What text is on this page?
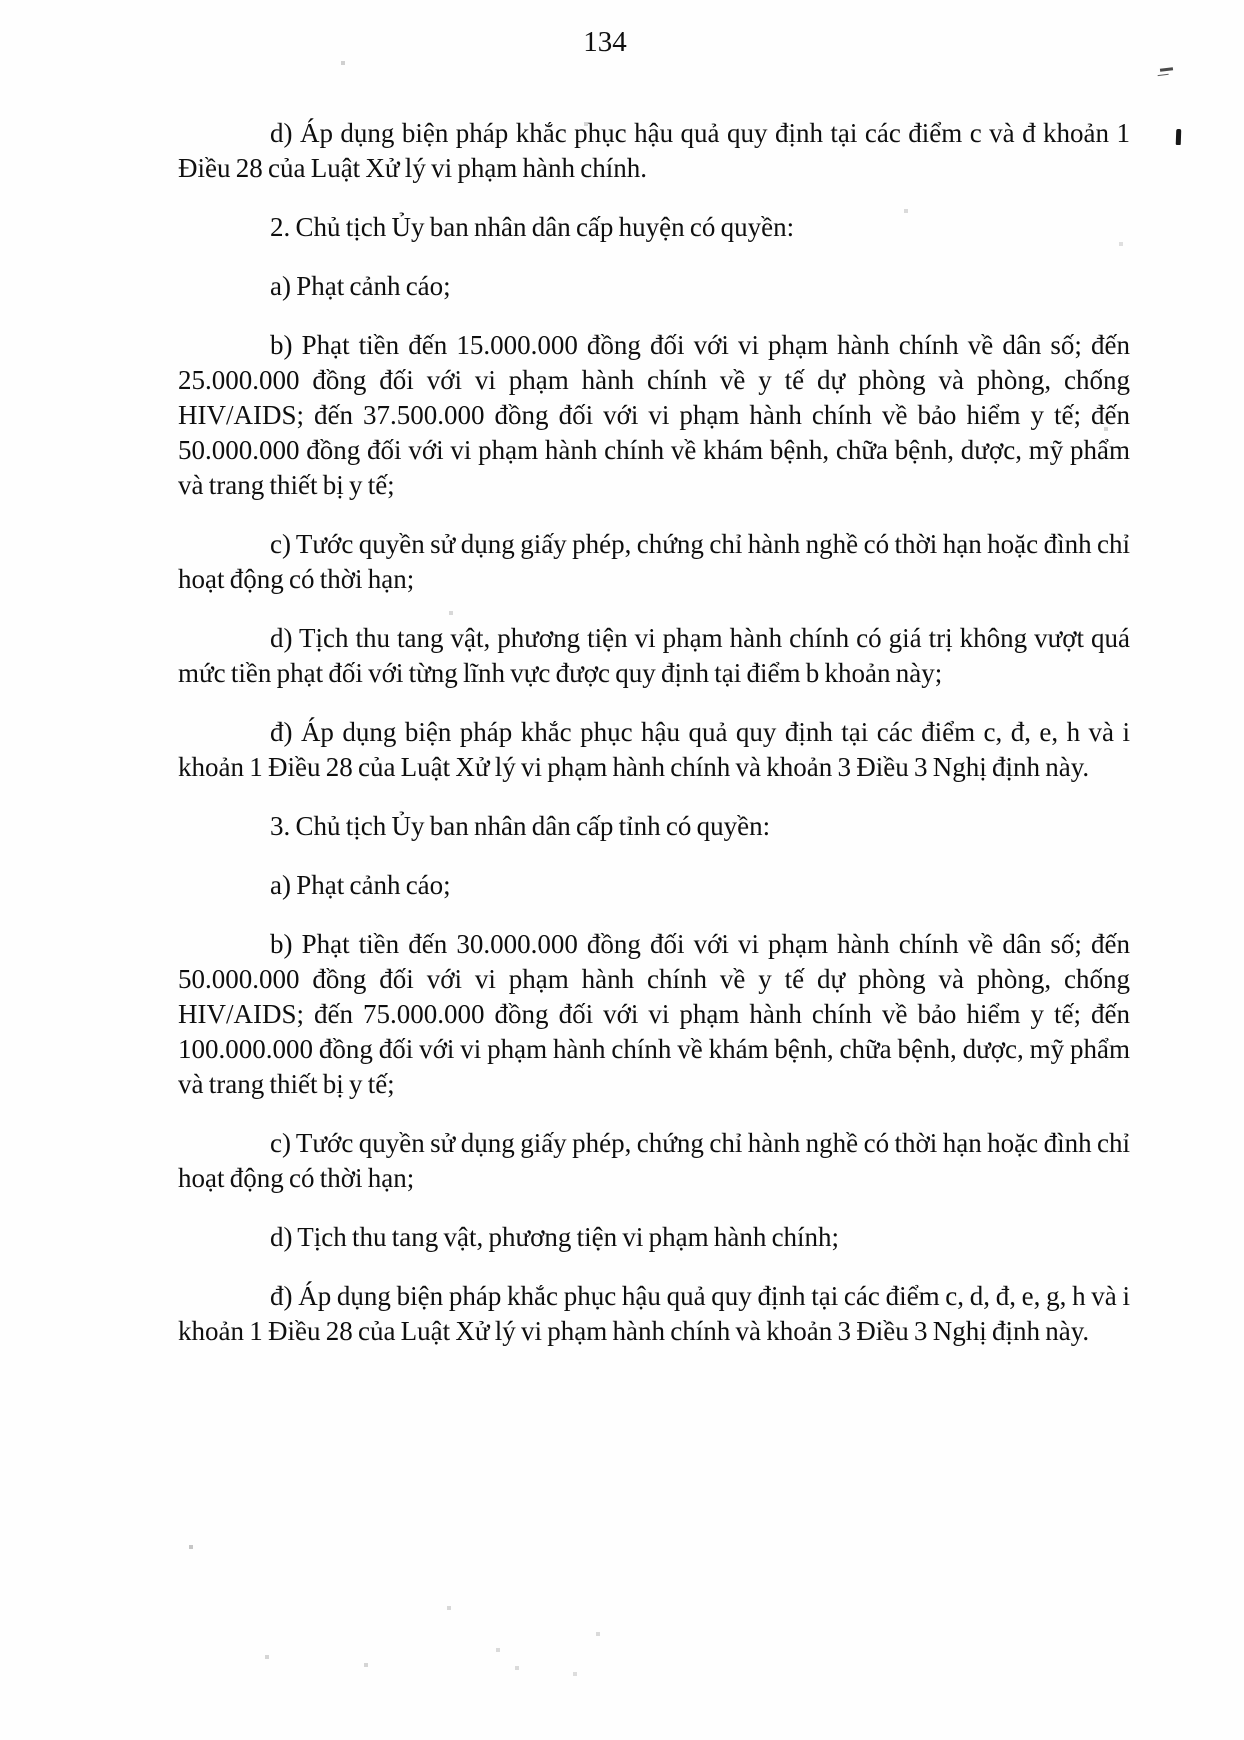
134

d) Áp dụng biện pháp khắc phục hậu quả quy định tại các điểm c và đ khoản 1 Điều 28 của Luật Xử lý vi phạm hành chính.

2. Chủ tịch Ủy ban nhân dân cấp huyện có quyền:

a) Phạt cảnh cáo;

b) Phạt tiền đến 15.000.000 đồng đối với vi phạm hành chính về dân số; đến 25.000.000 đồng đối với vi phạm hành chính về y tế dự phòng và phòng, chống HIV/AIDS; đến 37.500.000 đồng đối với vi phạm hành chính về bảo hiểm y tế; đến 50.000.000 đồng đối với vi phạm hành chính về khám bệnh, chữa bệnh, dược, mỹ phẩm và trang thiết bị y tế;

c) Tước quyền sử dụng giấy phép, chứng chỉ hành nghề có thời hạn hoặc đình chỉ hoạt động có thời hạn;

d) Tịch thu tang vật, phương tiện vi phạm hành chính có giá trị không vượt quá mức tiền phạt đối với từng lĩnh vực được quy định tại điểm b khoản này;

đ) Áp dụng biện pháp khắc phục hậu quả quy định tại các điểm c, đ, e, h và i khoản 1 Điều 28 của Luật Xử lý vi phạm hành chính và khoản 3 Điều 3 Nghị định này.

3. Chủ tịch Ủy ban nhân dân cấp tỉnh có quyền:

a) Phạt cảnh cáo;

b) Phạt tiền đến 30.000.000 đồng đối với vi phạm hành chính về dân số; đến 50.000.000 đồng đối với vi phạm hành chính về y tế dự phòng và phòng, chống HIV/AIDS; đến 75.000.000 đồng đối với vi phạm hành chính về bảo hiểm y tế; đến 100.000.000 đồng đối với vi phạm hành chính về khám bệnh, chữa bệnh, dược, mỹ phẩm và trang thiết bị y tế;

c) Tước quyền sử dụng giấy phép, chứng chỉ hành nghề có thời hạn hoặc đình chỉ hoạt động có thời hạn;

d) Tịch thu tang vật, phương tiện vi phạm hành chính;

đ) Áp dụng biện pháp khắc phục hậu quả quy định tại các điểm c, d, đ, e, g, h và i khoản 1 Điều 28 của Luật Xử lý vi phạm hành chính và khoản 3 Điều 3 Nghị định này.
